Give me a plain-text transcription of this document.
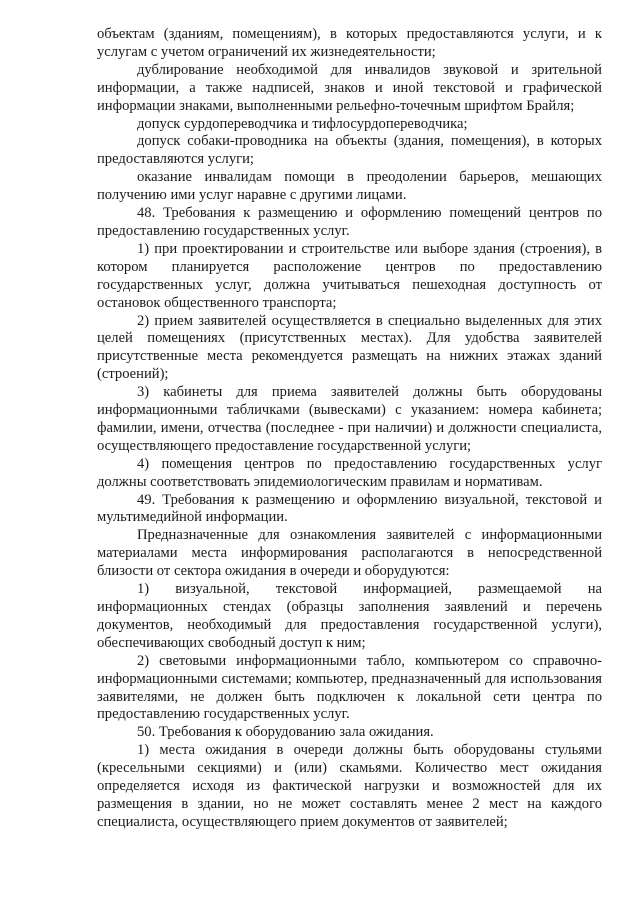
объектам (зданиям, помещениям), в которых предоставляются услуги, и к услугам с учетом ограничений их жизнедеятельности;

дублирование необходимой для инвалидов звуковой и зрительной информации, а также надписей, знаков и иной текстовой и графической информации знаками, выполненными рельефно-точечным шрифтом Брайля;

допуск сурдопереводчика и тифлосурдопереводчика;

допуск собаки-проводника на объекты (здания, помещения), в которых предоставляются услуги;

оказание инвалидам помощи в преодолении барьеров, мешающих получению ими услуг наравне с другими лицами.

48. Требования к размещению и оформлению помещений центров по предоставлению государственных услуг.

1) при проектировании и строительстве или выборе здания (строения), в котором планируется расположение центров по предоставлению государственных услуг, должна учитываться пешеходная доступность от остановок общественного транспорта;

2) прием заявителей осуществляется в специально выделенных для этих целей помещениях (присутственных местах). Для удобства заявителей присутственные места рекомендуется размещать на нижних этажах зданий (строений);

3) кабинеты для приема заявителей должны быть оборудованы информационными табличками (вывесками) с указанием: номера кабинета; фамилии, имени, отчества (последнее - при наличии) и должности специалиста, осуществляющего предоставление государственной услуги;

4) помещения центров по предоставлению государственных услуг должны соответствовать эпидемиологическим правилам и нормативам.

49. Требования к размещению и оформлению визуальной, текстовой и мультимедийной информации.

Предназначенные для ознакомления заявителей с информационными материалами места информирования располагаются в непосредственной близости от сектора ожидания в очереди и оборудуются:

1) визуальной, текстовой информацией, размещаемой на информационных стендах (образцы заполнения заявлений и перечень документов, необходимый для предоставления государственной услуги), обеспечивающих свободный доступ к ним;

2) световыми информационными табло, компьютером со справочно-информационными системами; компьютер, предназначенный для использования заявителями, не должен быть подключен к локальной сети центра по предоставлению государственных услуг.

50. Требования к оборудованию зала ожидания.

1) места ожидания в очереди должны быть оборудованы стульями (кресельными секциями) и (или) скамьями. Количество мест ожидания определяется исходя из фактической нагрузки и возможностей для их размещения в здании, но не может составлять менее 2 мест на каждого специалиста, осуществляющего прием документов от заявителей;
